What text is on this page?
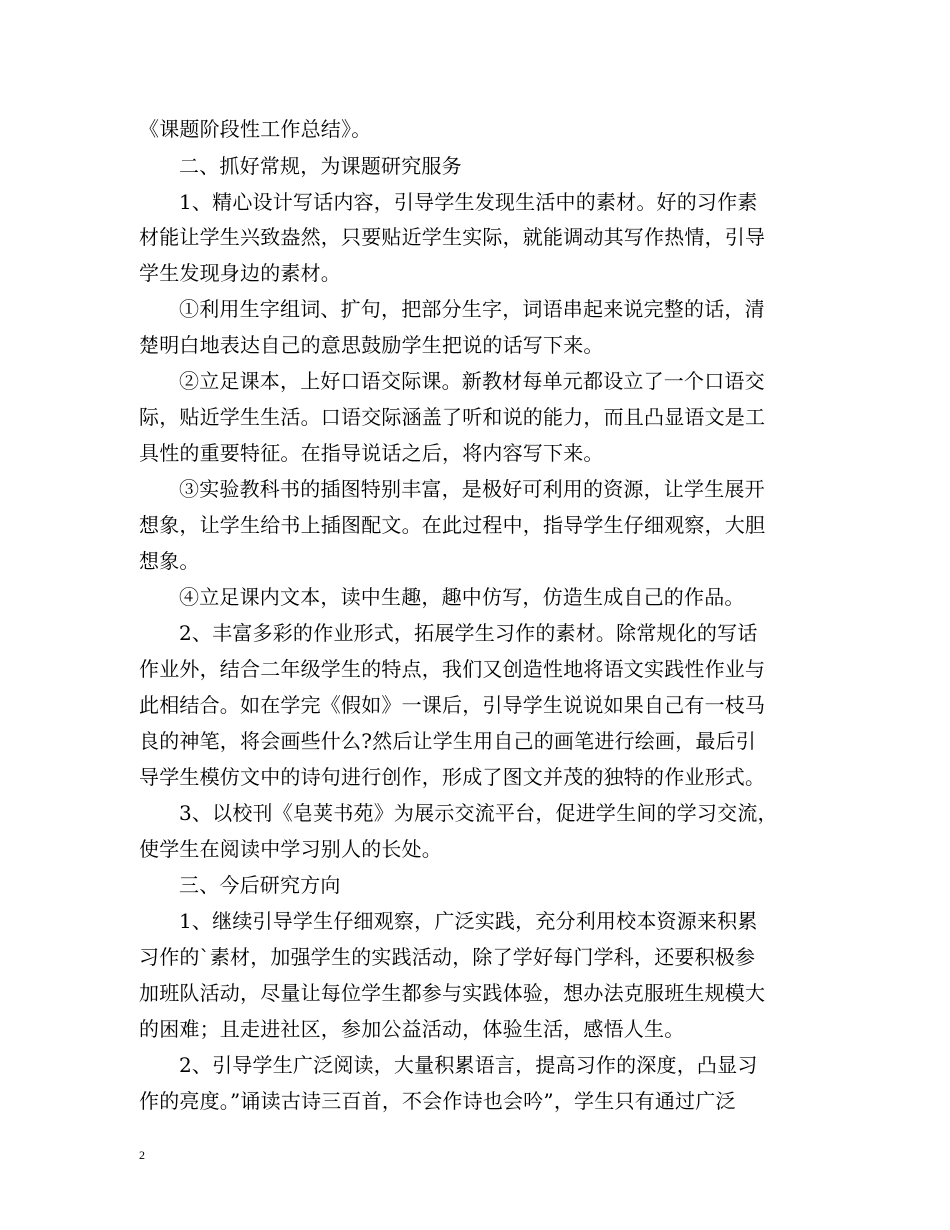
《课题阶段性工作总结》。
二、抓好常规，为课题研究服务
1、精心设计写话内容，引导学生发现生活中的素材。好的习作素
材能让学生兴致盎然，只要贴近学生实际，就能调动其写作热情，引导
学生发现身边的素材。
①利用生字组词、扩句，把部分生字，词语串起来说完整的话，清
楚明白地表达自己的意思鼓励学生把说的话写下来。
②立足课本，上好口语交际课。新教材每单元都设立了一个口语交
际，贴近学生生活。口语交际涵盖了听和说的能力，而且凸显语文是工
具性的重要特征。在指导说话之后，将内容写下来。
③实验教科书的插图特别丰富，是极好可利用的资源，让学生展开
想象，让学生给书上插图配文。在此过程中，指导学生仔细观察，大胆
想象。
④立足课内文本，读中生趣，趣中仿写，仿造生成自己的作品。
2、丰富多彩的作业形式，拓展学生习作的素材。除常规化的写话
作业外，结合二年级学生的特点，我们又创造性地将语文实践性作业与
此相结合。如在学完《假如》一课后，引导学生说说如果自己有一枝马
良的神笔，将会画些什么?然后让学生用自己的画笔进行绘画，最后引
导学生模仿文中的诗句进行创作，形成了图文并茂的独特的作业形式。
3、以校刊《皂荚书苑》为展示交流平台，促进学生间的学习交流，
使学生在阅读中学习别人的长处。
三、今后研究方向
1、继续引导学生仔细观察，广泛实践，充分利用校本资源来积累
习作的`素材，加强学生的实践活动，除了学好每门学科，还要积极参
加班队活动，尽量让每位学生都参与实践体验，想办法克服班生规模大
的困难；且走进社区，参加公益活动，体验生活，感悟人生。
2、引导学生广泛阅读，大量积累语言，提高习作的深度，凸显习
作的亮度。”诵读古诗三百首，不会作诗也会吟”，学生只有通过广泛
2
